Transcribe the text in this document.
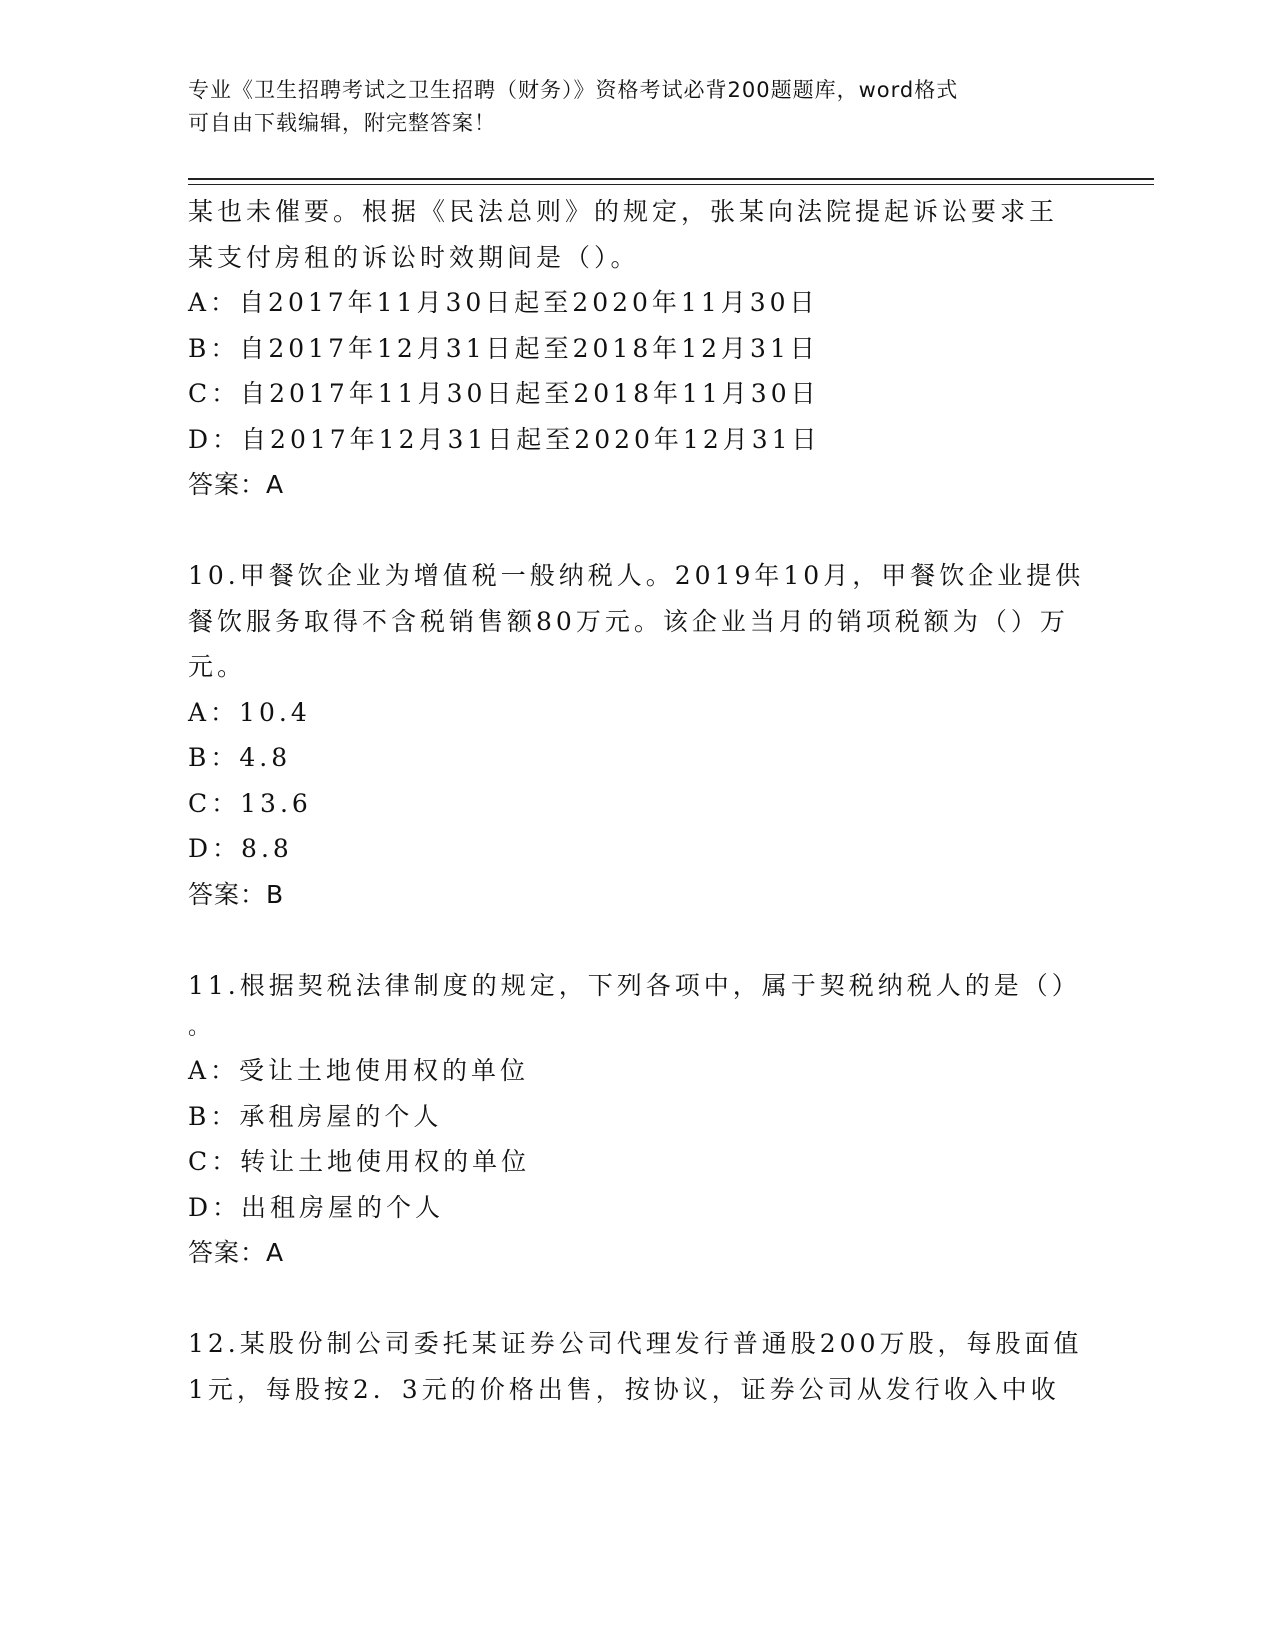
专业《卫生招聘考试之卫生招聘（财务）》资格考试必背200题题库，word格式
可自由下载编辑，附完整答案！
某也未催要。根据《民法总则》的规定，张某向法院提起诉讼要求王
某支付房租的诉讼时效期间是（）。
A：自2017年11月30日起至2020年11月30日
B：自2017年12月31日起至2018年12月31日
C：自2017年11月30日起至2018年11月30日
D：自2017年12月31日起至2020年12月31日
答案：A
10.甲餐饮企业为增值税一般纳税人。2019年10月，甲餐饮企业提供
餐饮服务取得不含税销售额80万元。该企业当月的销项税额为（）万
元。
A：10.4
B：4.8
C：13.6
D：8.8
答案：B
11.根据契税法律制度的规定，下列各项中，属于契税纳税人的是（）
。
A：受让土地使用权的单位
B：承租房屋的个人
C：转让土地使用权的单位
D：出租房屋的个人
答案：A
12.某股份制公司委托某证券公司代理发行普通股200万股，每股面值
1元，每股按2．3元的价格出售，按协议，证券公司从发行收入中收
